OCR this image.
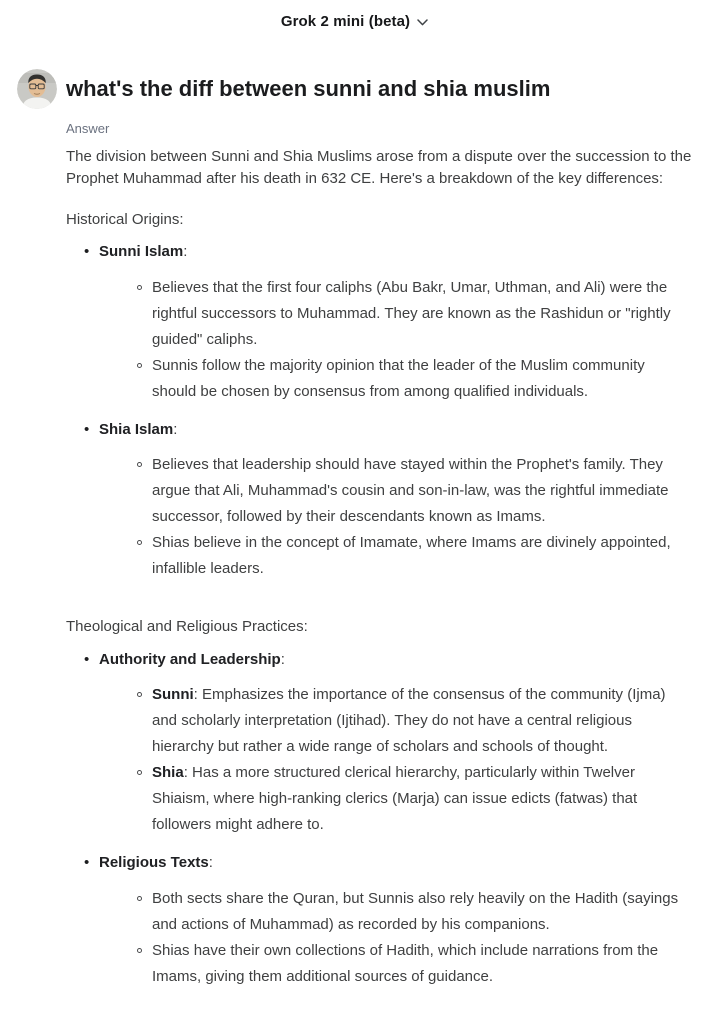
Grok 2 mini (beta)
what's the diff between sunni and shia muslim
Answer

The division between Sunni and Shia Muslims arose from a dispute over the succession to the Prophet Muhammad after his death in 632 CE. Here's a breakdown of the key differences:

Historical Origins:

• Sunni Islam:

Believes that the first four caliphs (Abu Bakr, Umar, Uthman, and Ali) were the rightful successors to Muhammad. They are known as the Rashidun or "rightly guided" caliphs.
Sunnis follow the majority opinion that the leader of the Muslim community should be chosen by consensus from among qualified individuals.

• Shia Islam:

Believes that leadership should have stayed within the Prophet's family. They argue that Ali, Muhammad's cousin and son-in-law, was the rightful immediate successor, followed by their descendants known as Imams.
Shias believe in the concept of Imamate, where Imams are divinely appointed, infallible leaders.

Theological and Religious Practices:

• Authority and Leadership:

Sunni: Emphasizes the importance of the consensus of the community (Ijma) and scholarly interpretation (Ijtihad). They do not have a central religious hierarchy but rather a wide range of scholars and schools of thought.
Shia: Has a more structured clerical hierarchy, particularly within Twelver Shiaism, where high-ranking clerics (Marja) can issue edicts (fatwas) that followers might adhere to.

• Religious Texts:

Both sects share the Quran, but Sunnis also rely heavily on the Hadith (sayings and actions of Muhammad) as recorded by his companions.
Shias have their own collections of Hadith, which include narrations from the Imams, giving them additional sources of guidance.
